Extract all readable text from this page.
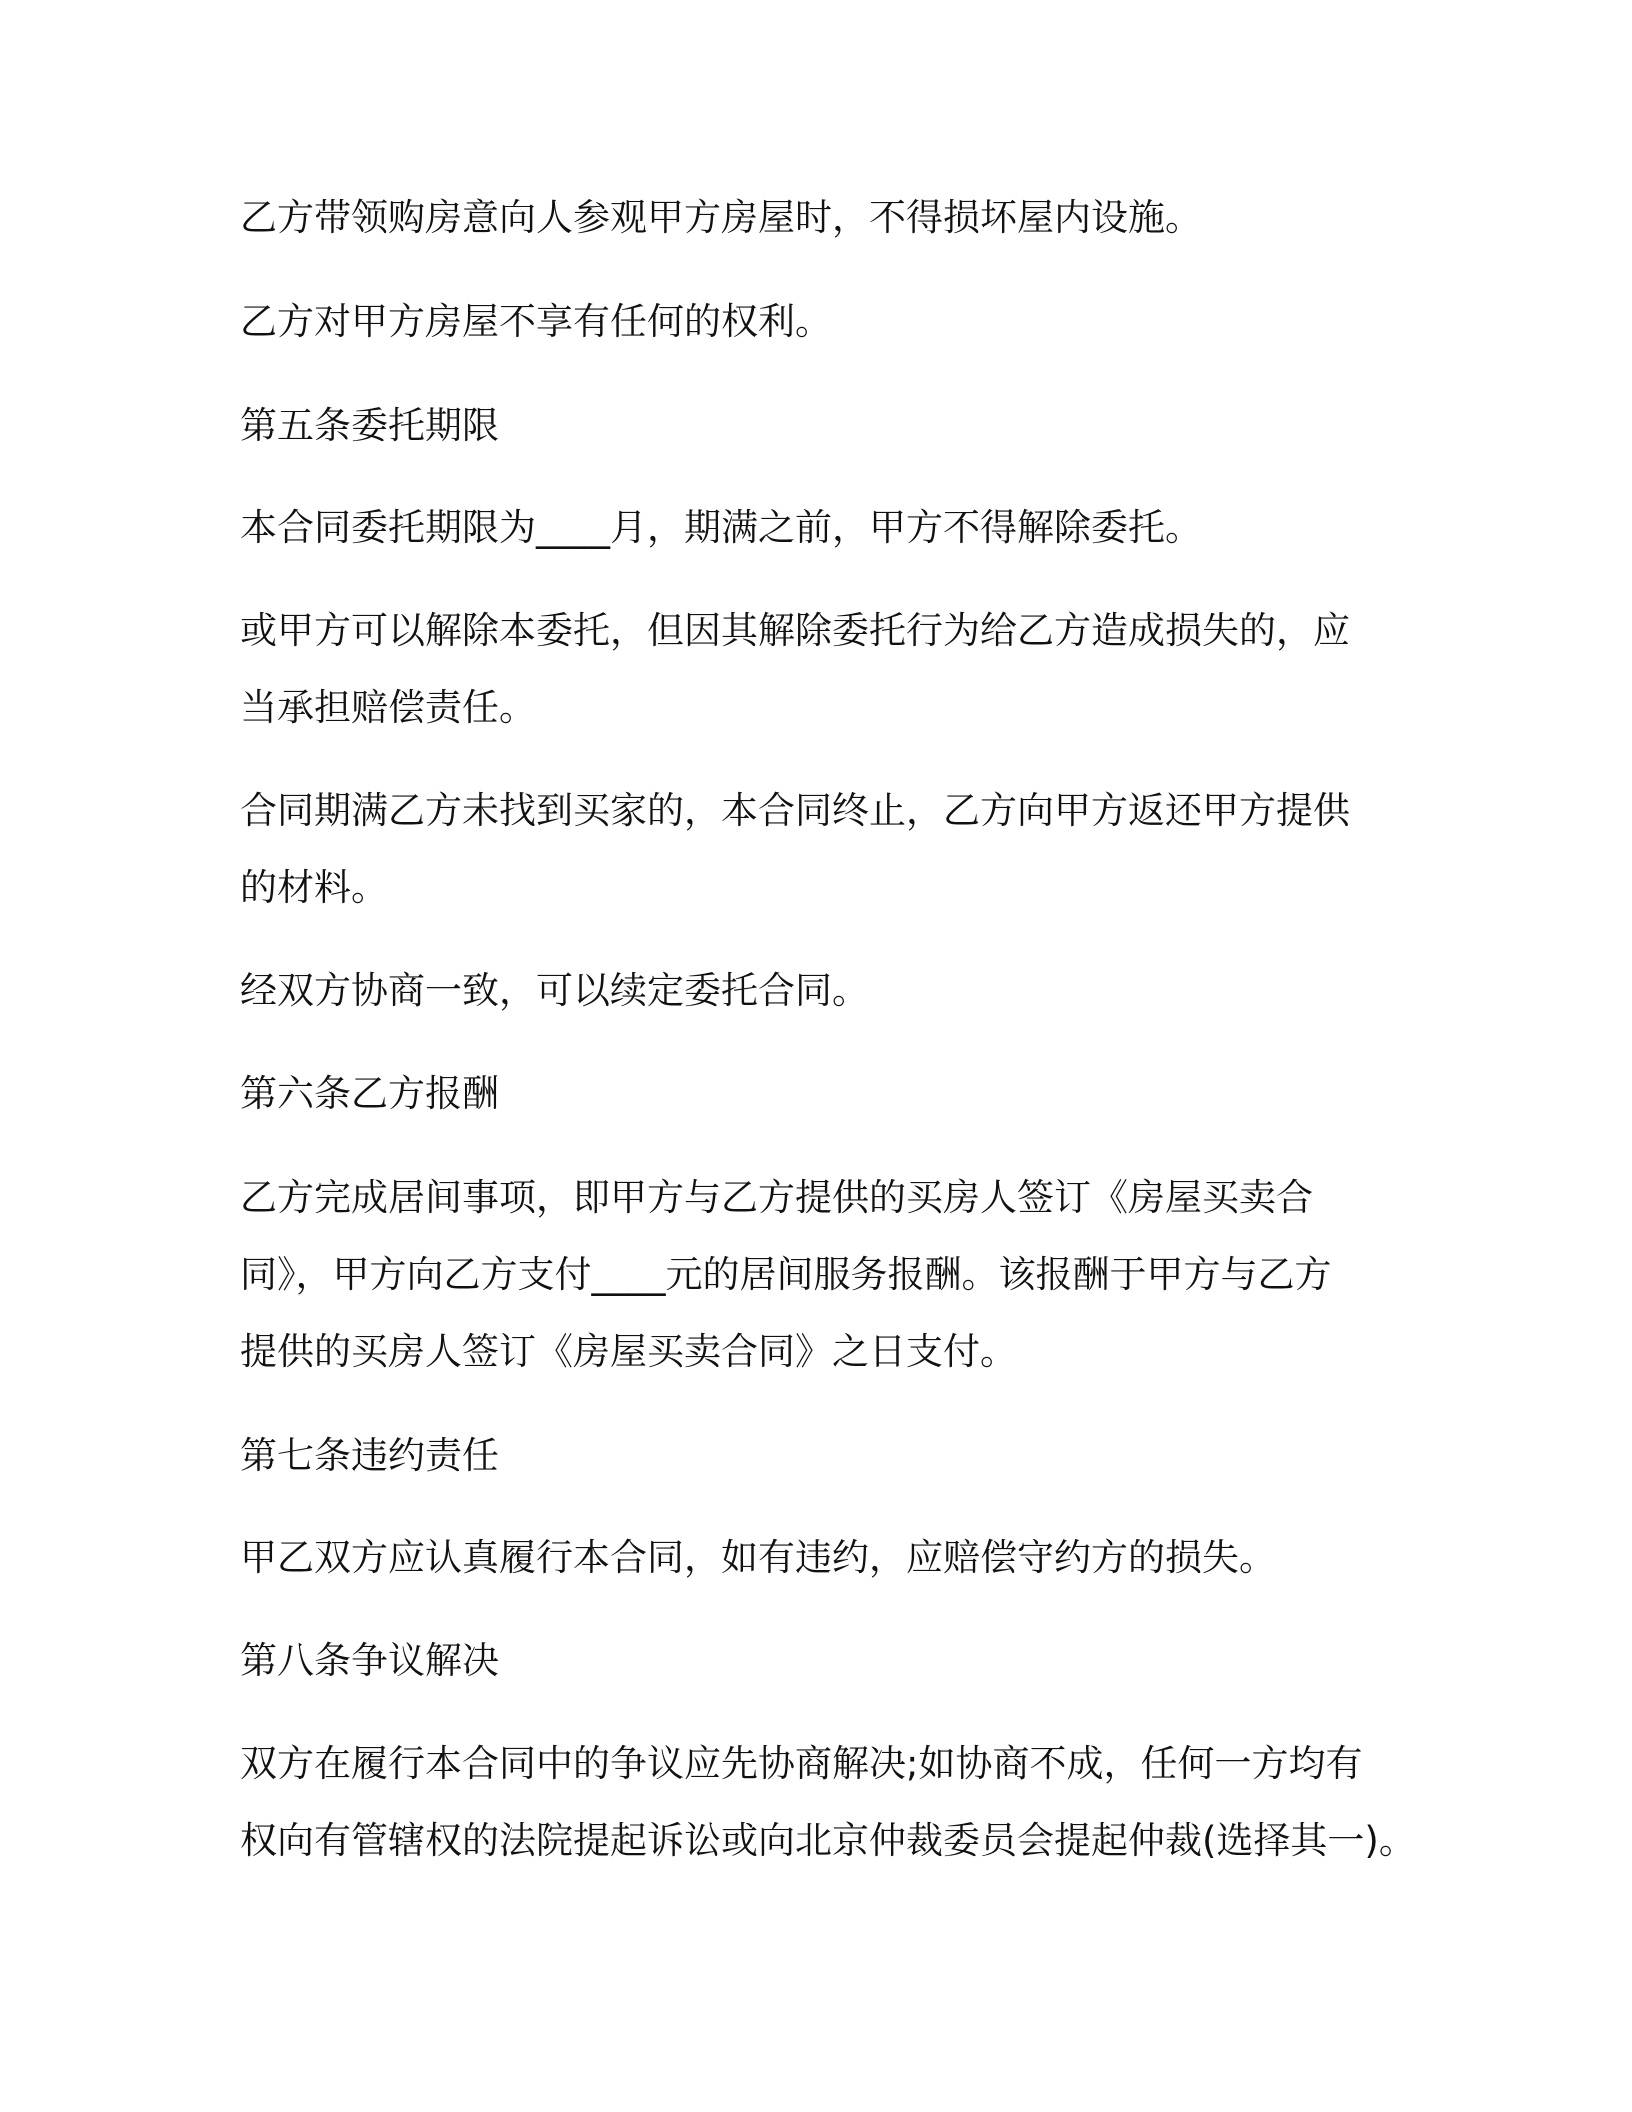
乙方带领购房意向人参观甲方房屋时，不得损坏屋内设施。

乙方对甲方房屋不享有任何的权利。

第五条委托期限

本合同委托期限为____月，期满之前，甲方不得解除委托。

或甲方可以解除本委托，但因其解除委托行为给乙方造成损失的，应

当承担赔偿责任。

合同期满乙方未找到买家的，本合同终止，乙方向甲方返还甲方提供

的材料。

经双方协商一致，可以续定委托合同。

第六条乙方报酬

乙方完成居间事项，即甲方与乙方提供的买房人签订《房屋买卖合

同》，甲方向乙方支付____元的居间服务报酬。该报酬于甲方与乙方

提供的买房人签订《房屋买卖合同》之日支付。

第七条违约责任

甲乙双方应认真履行本合同，如有违约，应赔偿守约方的损失。

第八条争议解决

双方在履行本合同中的争议应先协商解决;如协商不成，任何一方均有

权向有管辖权的法院提起诉讼或向北京仲裁委员会提起仲裁(选择其一)。
